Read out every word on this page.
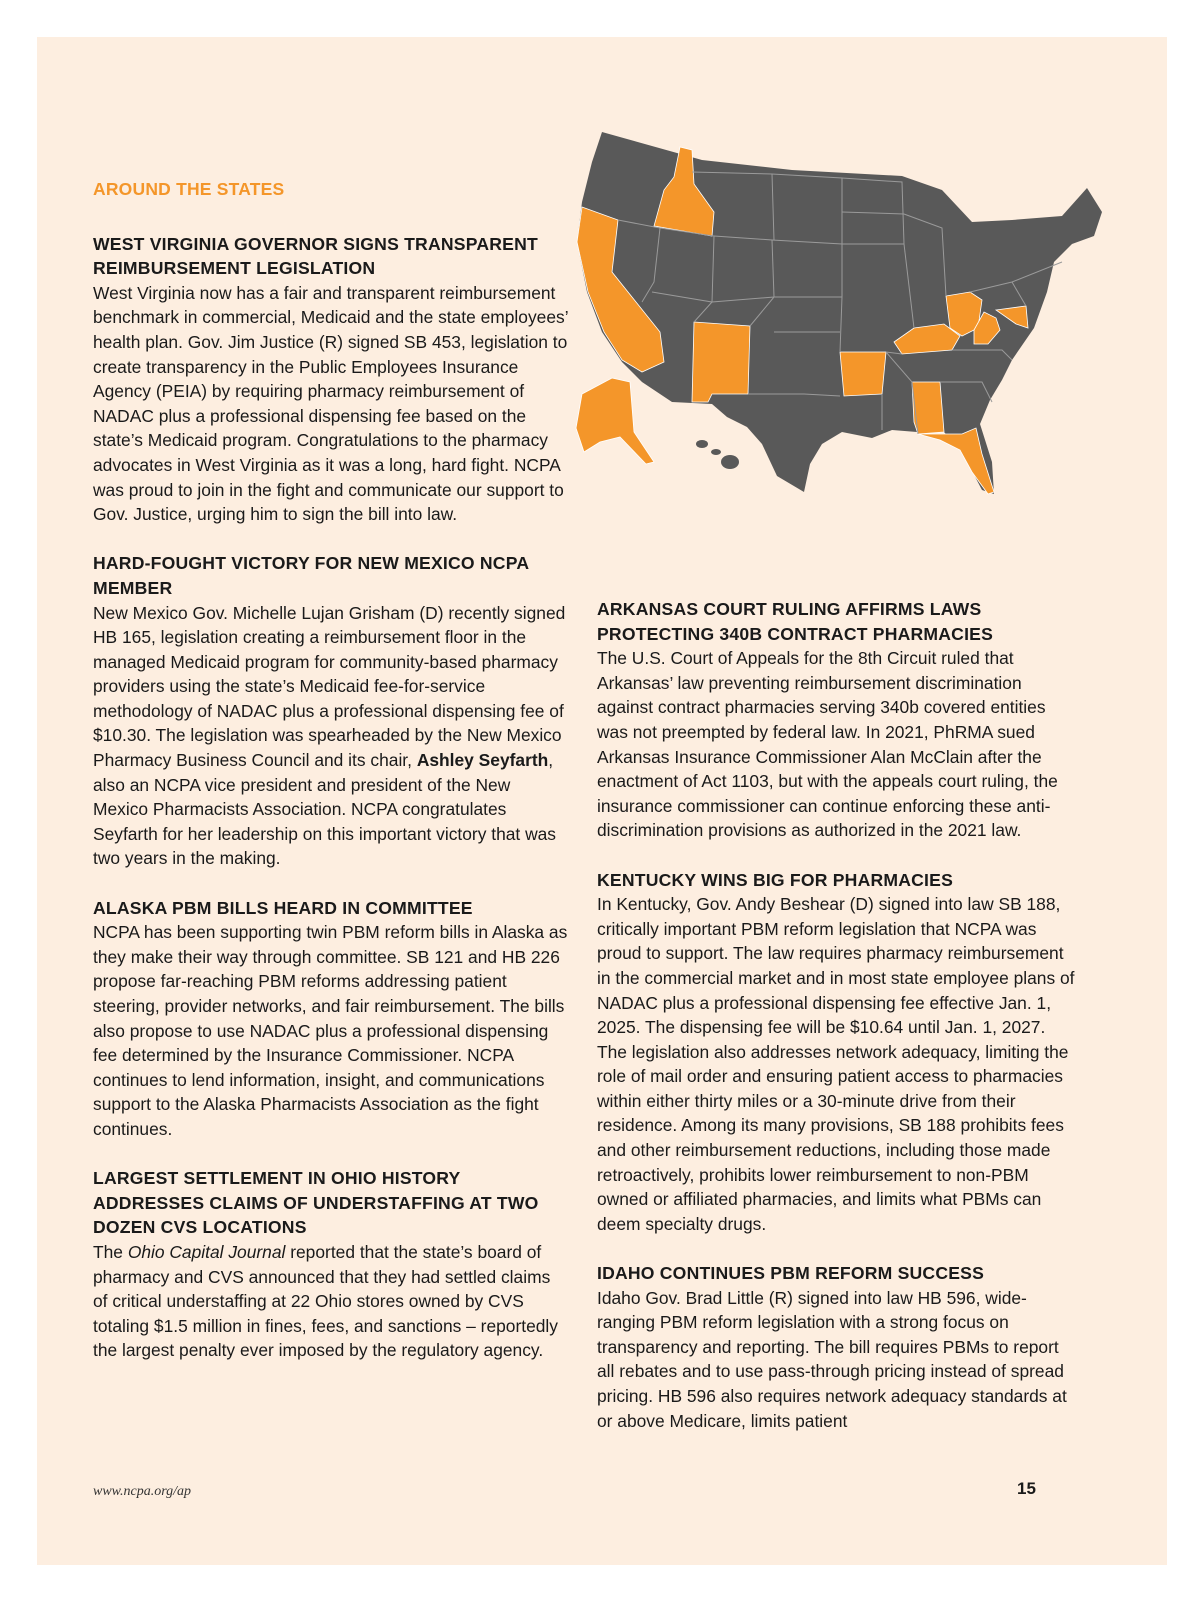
AROUND THE STATES
WEST VIRGINIA GOVERNOR SIGNS TRANSPARENT REIMBURSEMENT LEGISLATION

West Virginia now has a fair and transparent reimbursement benchmark in commercial, Medicaid and the state employees’ health plan. Gov. Jim Justice (R) signed SB 453, legislation to create transparency in the Public Employees Insurance Agency (PEIA) by requiring pharmacy reimbursement of NADAC plus a professional dispensing fee based on the state’s Medicaid program. Congratulations to the pharmacy advocates in West Virginia as it was a long, hard fight. NCPA was proud to join in the fight and communicate our support to Gov. Justice, urging him to sign the bill into law.

HARD-FOUGHT VICTORY FOR NEW MEXICO NCPA MEMBER

New Mexico Gov. Michelle Lujan Grisham (D) recently signed HB 165, legislation creating a reimbursement floor in the managed Medicaid program for community-based pharmacy providers using the state’s Medicaid fee-for-service methodology of NADAC plus a professional dispensing fee of $10.30. The legislation was spearheaded by the New Mexico Pharmacy Business Council and its chair, Ashley Seyfarth, also an NCPA vice president and president of the New Mexico Pharmacists Association. NCPA congratulates Seyfarth for her leadership on this important victory that was two years in the making.

ALASKA PBM BILLS HEARD IN COMMITTEE

NCPA has been supporting twin PBM reform bills in Alaska as they make their way through committee. SB 121 and HB 226 propose far-reaching PBM reforms addressing patient steering, provider networks, and fair reimbursement. The bills also propose to use NADAC plus a professional dispensing fee determined by the Insurance Commissioner. NCPA continues to lend information, insight, and communications support to the Alaska Pharmacists Association as the fight continues.

LARGEST SETTLEMENT IN OHIO HISTORY ADDRESSES CLAIMS OF UNDERSTAFFING AT TWO DOZEN CVS LOCATIONS

The Ohio Capital Journal reported that the state’s board of pharmacy and CVS announced that they had settled claims of critical understaffing at 22 Ohio stores owned by CVS totaling $1.5 million in fines, fees, and sanctions – reportedly the largest penalty ever imposed by the regulatory agency.

ARKANSAS COURT RULING AFFIRMS LAWS PROTECTING 340B CONTRACT PHARMACIES

The U.S. Court of Appeals for the 8th Circuit ruled that Arkansas’ law preventing reimbursement discrimination against contract pharmacies serving 340b covered entities was not preempted by federal law. In 2021, PhRMA sued Arkansas Insurance Commissioner Alan McClain after the enactment of Act 1103, but with the appeals court ruling, the insurance commissioner can continue enforcing these anti-discrimination provisions as authorized in the 2021 law.

KENTUCKY WINS BIG FOR PHARMACIES

In Kentucky, Gov. Andy Beshear (D) signed into law SB 188, critically important PBM reform legislation that NCPA was proud to support. The law requires pharmacy reimbursement in the commercial market and in most state employee plans of NADAC plus a professional dispensing fee effective Jan. 1, 2025. The dispensing fee will be $10.64 until Jan. 1, 2027. The legislation also addresses network adequacy, limiting the role of mail order and ensuring patient access to pharmacies within either thirty miles or a 30-minute drive from their residence. Among its many provisions, SB 188 prohibits fees and other reimbursement reductions, including those made retroactively, prohibits lower reimbursement to non-PBM owned or affiliated pharmacies, and limits what PBMs can deem specialty drugs.

IDAHO CONTINUES PBM REFORM SUCCESS

Idaho Gov. Brad Little (R) signed into law HB 596, wide-ranging PBM reform legislation with a strong focus on transparency and reporting. The bill requires PBMs to report all rebates and to use pass-through pricing instead of spread pricing. HB 596 also requires network adequacy standards at or above Medicare, limits patient

www.ncpa.org/ap	15
